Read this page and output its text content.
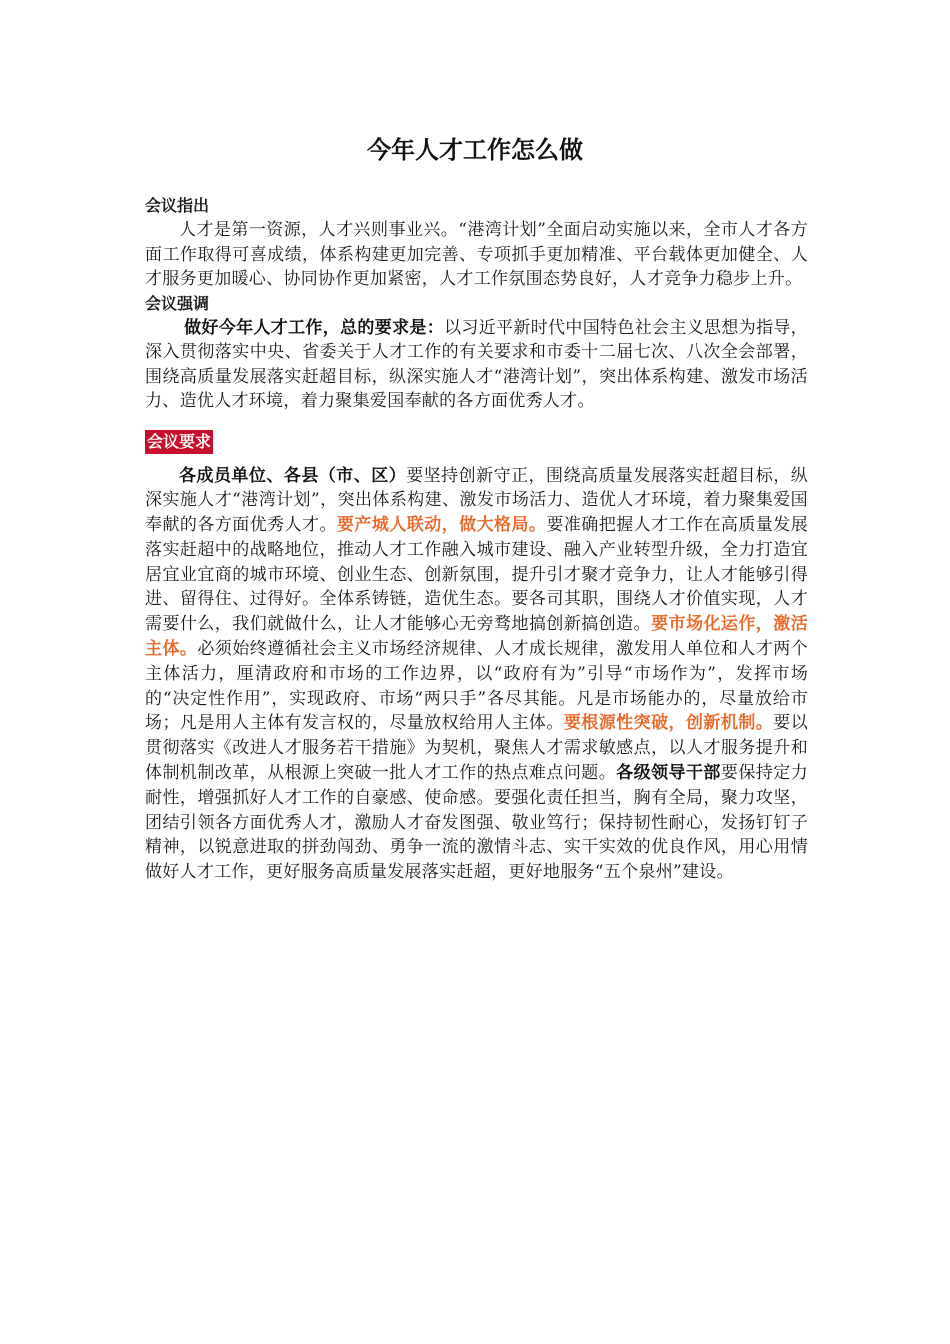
今年人才工作怎么做
会议指出

人才是第一资源，人才兴则事业兴。“港湾计划”全面启动实施以来，全市人才各方面工作取得可喜成绩，体系构建更加完善、专项抓手更加精准、平台载体更加健全、人才服务更加暖心、协同协作更加紧密，人才工作氛围态势良好，人才竞争力稳步上升。

会议强调

做好今年人才工作，总的要求是：以习近平新时代中国特色社会主义思想为指导，深入贯彻落实中央、省委关于人才工作的有关要求和市委十二届七次、八次全会部署，围绕高质量发展落实赶超目标，纵深实施人才“港湾计划”，突出体系构建、激发市场活力、造优人才环境，着力聚集爱国奉献的各方面优秀人才。

会议要求

各成员单位、各县（市、区）要坚持创新守正，围绕高质量发展落实赶超目标，纵深实施人才“港湾计划”，突出体系构建、激发市场活力、造优人才环境，着力聚集爱国奉献的各方面优秀人才。要产城人联动，做大格局。要准确把握人才工作在高质量发展落实赶超中的战略地位，推动人才工作融入城市建设、融入产业转型升级，全力打造宜居宜业宜商的城市环境、创业生态、创新氛围，提升引才聚才竞争力，让人才能够引得进、留得住、过得好。全体系铸链，造优生态。要各司其职，围绕人才价值实现，人才需要什么，我们就做什么，让人才能够心无旁骛地搞创新搞创造。要市场化运作，激活主体。必须始终遵循社会主义市场经济规律、人才成长规律，激发用人单位和人才两个主体活力，厘清政府和市场的工作边界，以“政府有为”引导“市场作为”，发挥市场的“决定性作用”，实现政府、市场“两只手”各尽其能。凡是市场能办的，尽量放给市场；凡是用人主体有发言权的，尽量放权给用人主体。要根源性突破，创新机制。要以贯彻落实《改进人才服务若干措施》为契机，聚焦人才需求敏感点，以人才服务提升和体制机制改革，从根源上突破一批人才工作的热点难点问题。各级领导干部要保持定力耐性，增强抓好人才工作的自豪感、使命感。要强化责任担当，胸有全局，聚力攻坚，团结引领各方面优秀人才，激励人才奋发图强、敬业笃行；保持韧性耐心，发扬钉钉子精神，以锐意进取的拼劲闯劲、勇争一流的激情斗志、实干实效的优良作风，用心用情做好人才工作，更好服务高质量发展落实赶超，更好地服务“五个泉州”建设。
